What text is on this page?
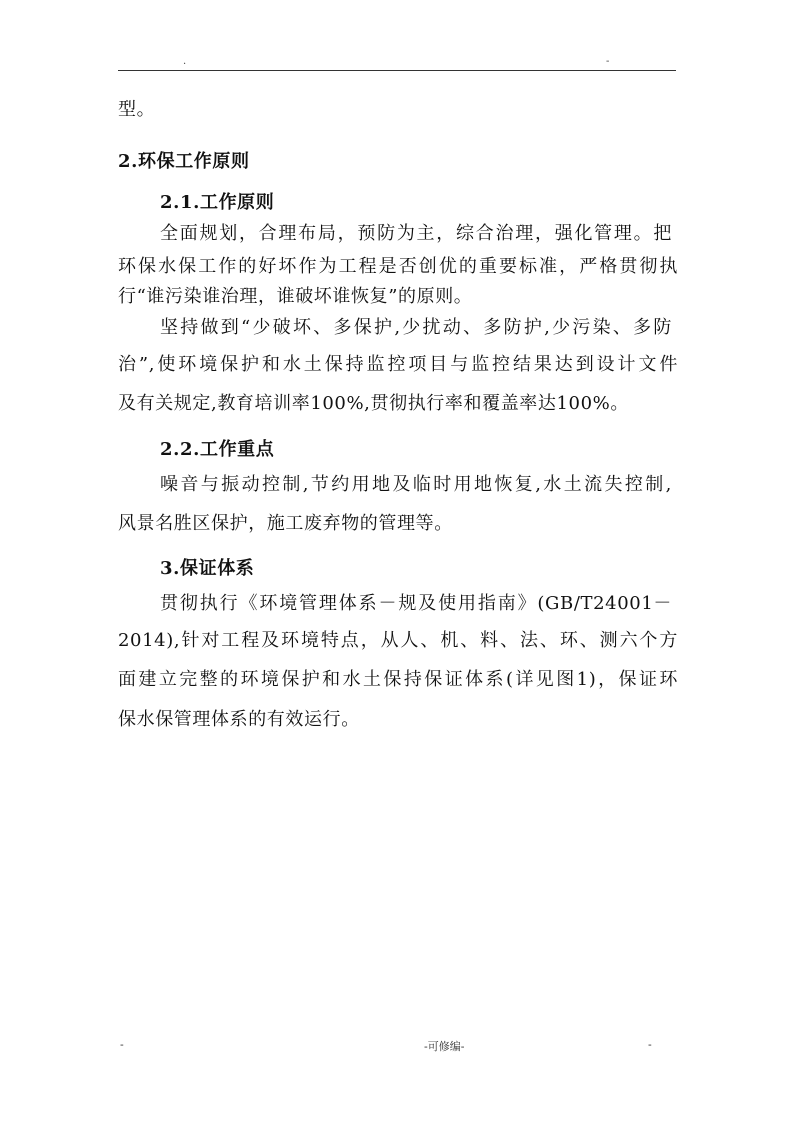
.	-

型。

2.环保工作原则

2.1.工作原则

全面规划，合理布局，预防为主，综合治理，强化管理。把

环保水保工作的好坏作为工程是否创优的重要标准，严格贯彻执

行“谁污染谁治理，谁破坏谁恢复”的原则。

坚持做到“少破坏、多保护,少扰动、多防护,少污染、多防

治”,使环境保护和水土保持监控项目与监控结果达到设计文件

及有关规定,教育培训率100%,贯彻执行率和覆盖率达100%。

2.2.工作重点

噪音与振动控制,节约用地及临时用地恢复,水土流失控制,

风景名胜区保护，施工废弃物的管理等。

3.保证体系

贯彻执行《环境管理体系－规及使用指南》(GB/T24001－

2014),针对工程及环境特点，从人、机、料、法、环、测六个方

面建立完整的环境保护和水土保持保证体系(详见图1)，保证环

保水保管理体系的有效运行。

-	-可修编-	-
